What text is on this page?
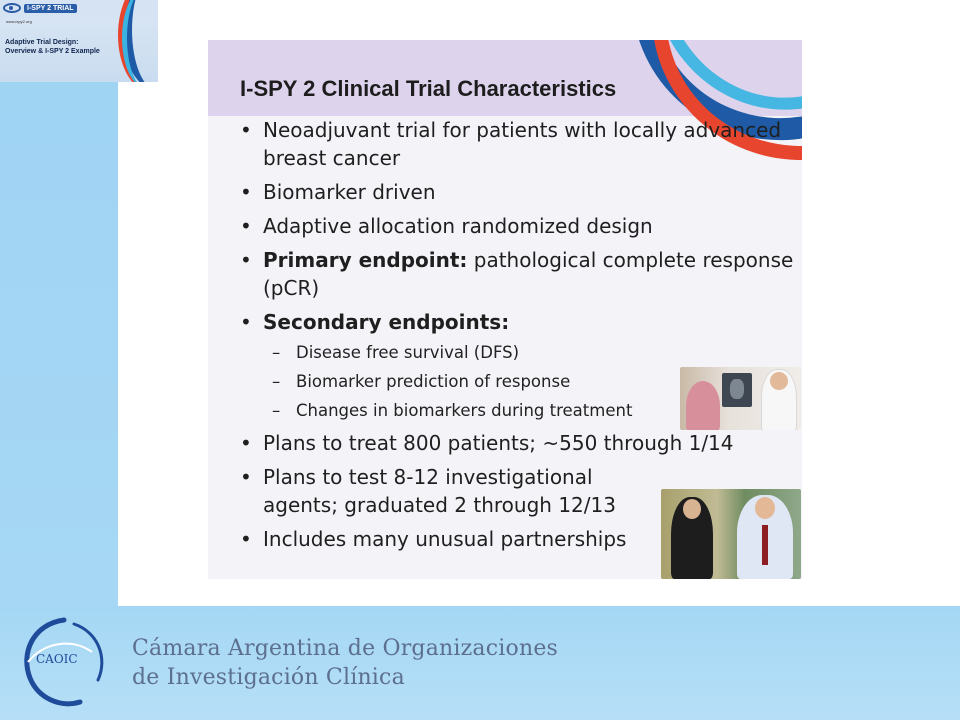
I-SPY 2 TRIAL
www.ispy2.org
Adaptive Trial Design:
Overview & I-SPY 2 Example
I-SPY 2 Clinical Trial Characteristics
• Neoadjuvant trial for patients with locally advanced breast cancer
• Biomarker driven
• Adaptive allocation randomized design
• Primary endpoint: pathological complete response (pCR)
• Secondary endpoints:
– Disease free survival (DFS)
– Biomarker prediction of response
– Changes in biomarkers during treatment
• Plans to treat 800 patients; ~550 through 1/14
• Plans to test 8-12 investigational agents; graduated 2 through 12/13
• Includes many unusual partnerships
CAOIC Cámara Argentina de Organizaciones
de Investigación Clínica
